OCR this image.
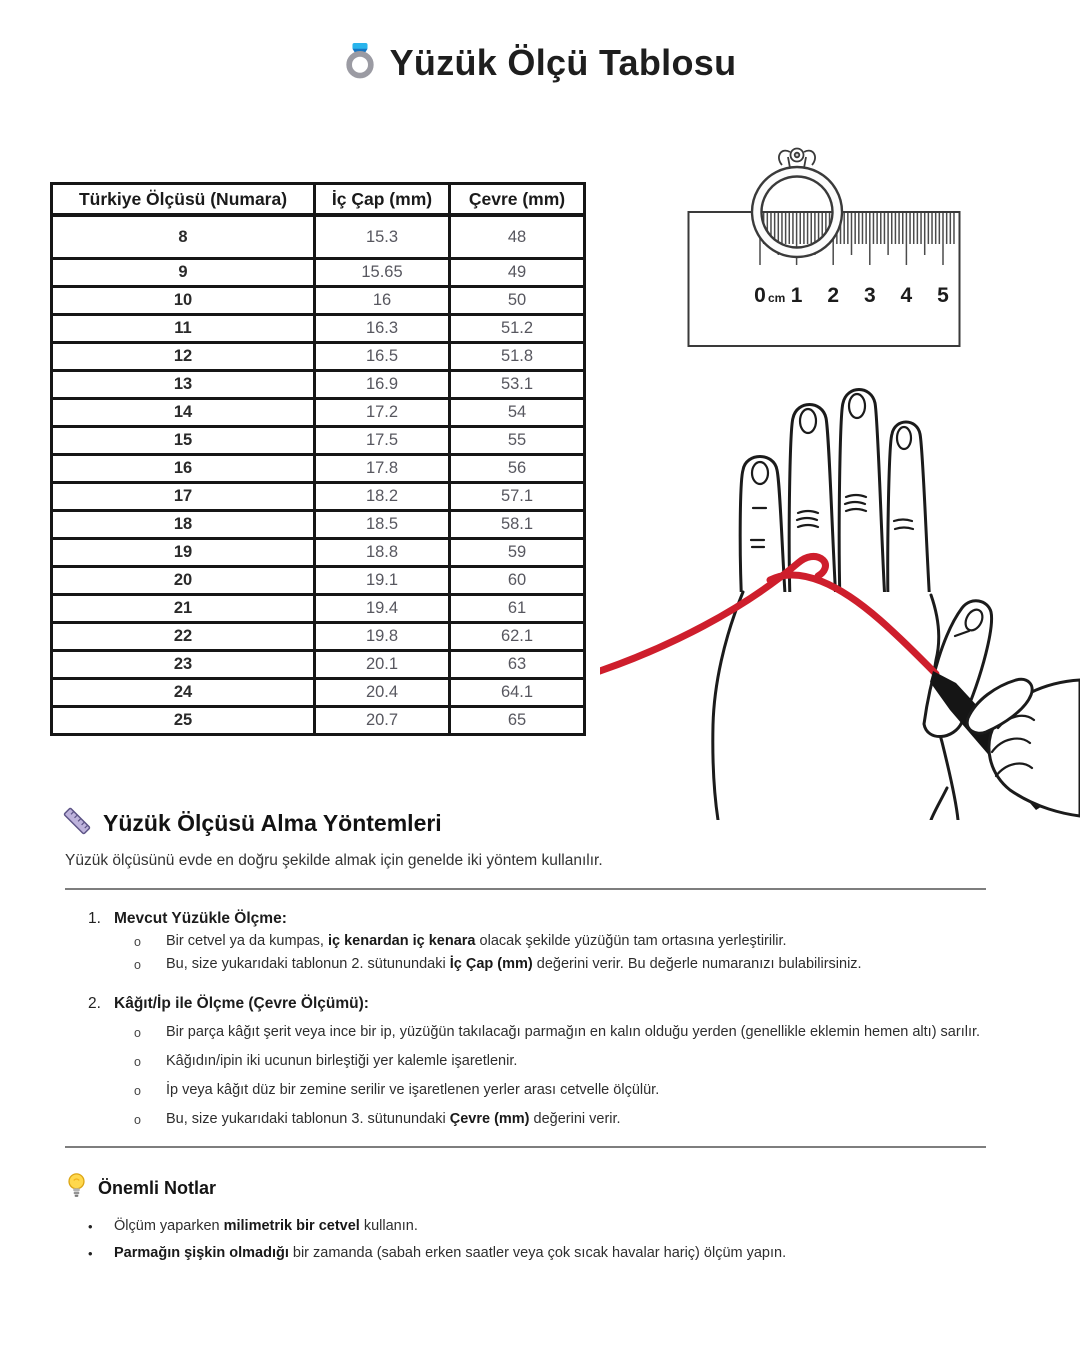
Yüzük Ölçü Tablosu
Türkiye Ölçüsü (Numara)	İç Çap (mm)	Çevre (mm)
8	15.3	48
9	15.65	49
10	16	50
11	16.3	51.2
12	16.5	51.8
13	16.9	53.1
14	17.2	54
15	17.5	55
16	17.8	56
17	18.2	57.1
18	18.5	58.1
19	18.8	59
20	19.1	60
21	19.4	61
22	19.8	62.1
23	20.1	63
24	20.4	64.1
25	20.7	65
0 cm 1 2 3 4 5
Yüzük Ölçüsü Alma Yöntemleri
Yüzük ölçüsünü evde en doğru şekilde almak için genelde iki yöntem kullanılır.
1. Mevcut Yüzükle Ölçme:
o	Bir cetvel ya da kumpas, iç kenardan iç kenara olacak şekilde yüzüğün tam ortasına yerleştirilir.
o	Bu, size yukarıdaki tablonun 2. sütunundaki İç Çap (mm) değerini verir. Bu değerle numaranızı bulabilirsiniz.
2. Kâğıt/İp ile Ölçme (Çevre Ölçümü):
o	Bir parça kâğıt şerit veya ince bir ip, yüzüğün takılacağı parmağın en kalın olduğu yerden (genellikle eklemin hemen altı) sarılır.
o	Kâğıdın/ipin iki ucunun birleştiği yer kalemle işaretlenir.
o	İp veya kâğıt düz bir zemine serilir ve işaretlenen yerler arası cetvelle ölçülür.
o	Bu, size yukarıdaki tablonun 3. sütunundaki Çevre (mm) değerini verir.
Önemli Notlar
•	Ölçüm yaparken milimetrik bir cetvel kullanın.
•	Parmağın şişkin olmadığı bir zamanda (sabah erken saatler veya çok sıcak havalar hariç) ölçüm yapın.
